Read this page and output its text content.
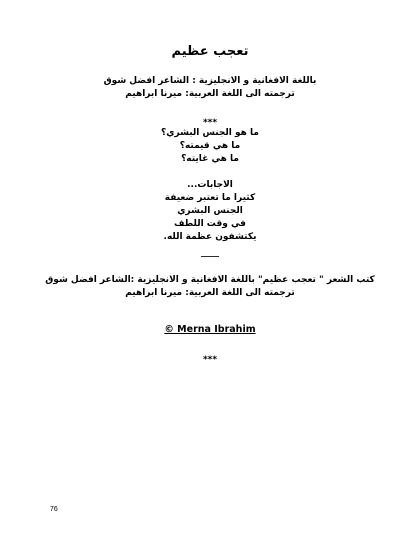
تعجب عظيم
باللغة الافغانية و الانجليزية : الشاعر افضل شوق
ترجمته الى اللغة العربية: ميرنا ابراهيم
***
ما هو الجنس البشري؟
ما هي قيمته؟
ما هي غايته؟
الاجابات...
كثيرا ما تعتبر ضعيفة
الجنس البشري
في وقت اللطف
يكتشفون عظمة الله.
____
كتب الشعر " تعجب عظيم" باللغة الافغانية و الانجليزية :الشاعر افضل شوق
ترجمته الى اللغة العربية: ميرنا ابراهيم
© Merna Ibrahim
***
76
